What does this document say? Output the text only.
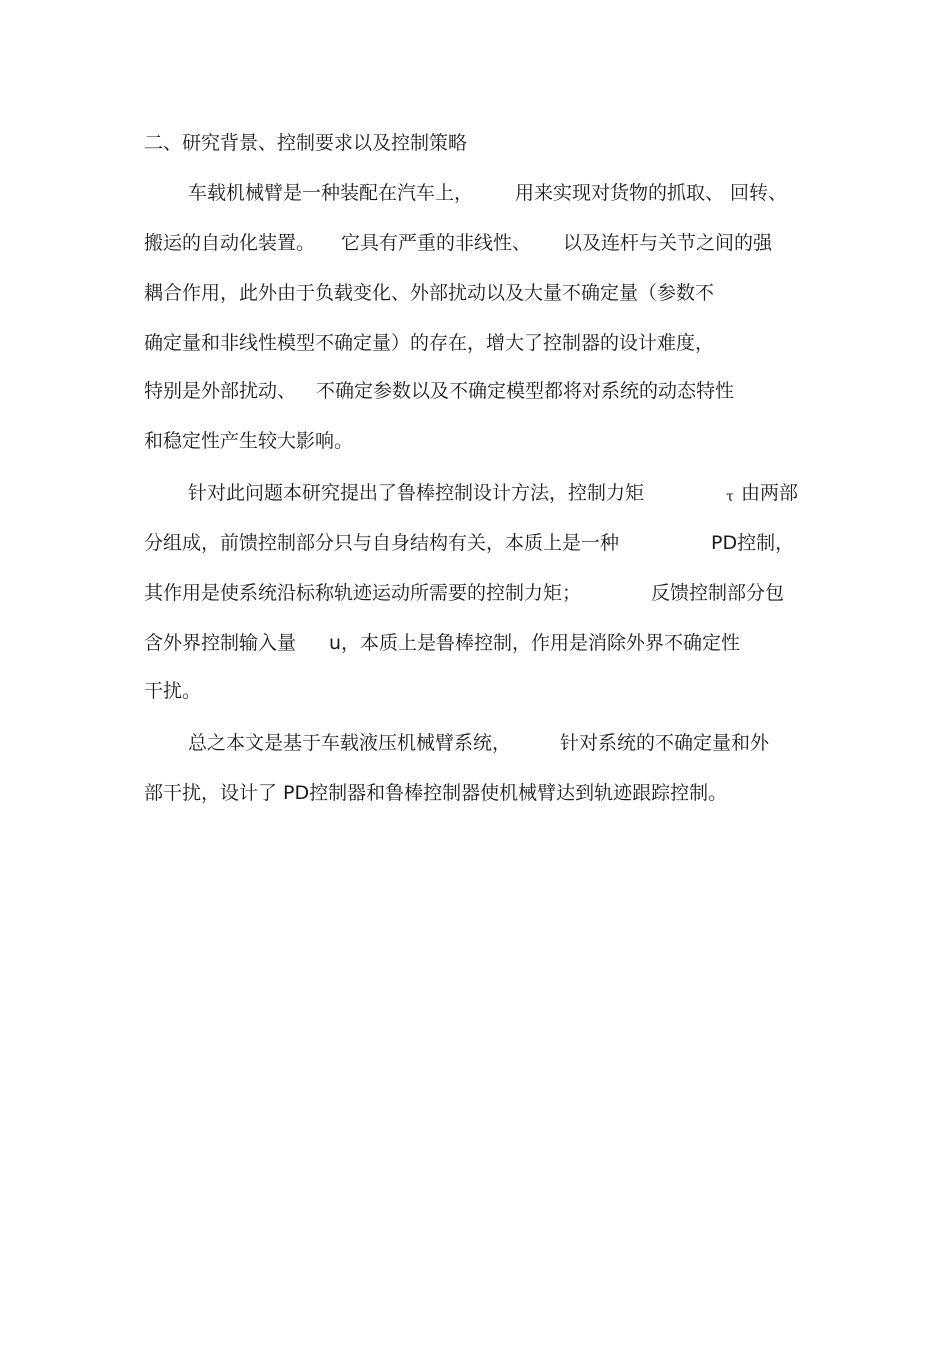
二、研究背景、控制要求以及控制策略
车载机械臂是一种装配在汽车上， 用来实现对货物的抓取、 回转、
搬运的自动化装置。 它具有严重的非线性、 以及连杆与关节之间的强
耦合作用，此外由于负载变化、外部扰动以及大量不确定量（参数不
确定量和非线性模型不确定量）的存在，增大了控制器的设计难度，
特别是外部扰动、 不确定参数以及不确定模型都将对系统的动态特性
和稳定性产生较大影响。
针对此问题本研究提出了鲁棒控制设计方法，控制力矩	τ 由两部
分组成，前馈控制部分只与自身结构有关，本质上是一种	PD控制，
其作用是使系统沿标称轨迹运动所需要的控制力矩；	反馈控制部分包
含外界控制输入量 u，本质上是鲁棒控制，作用是消除外界不确定性
干扰。
总之本文是基于车载液压机械臂系统，	针对系统的不确定量和外
部干扰，设计了 PD控制器和鲁棒控制器使机械臂达到轨迹跟踪控制。
